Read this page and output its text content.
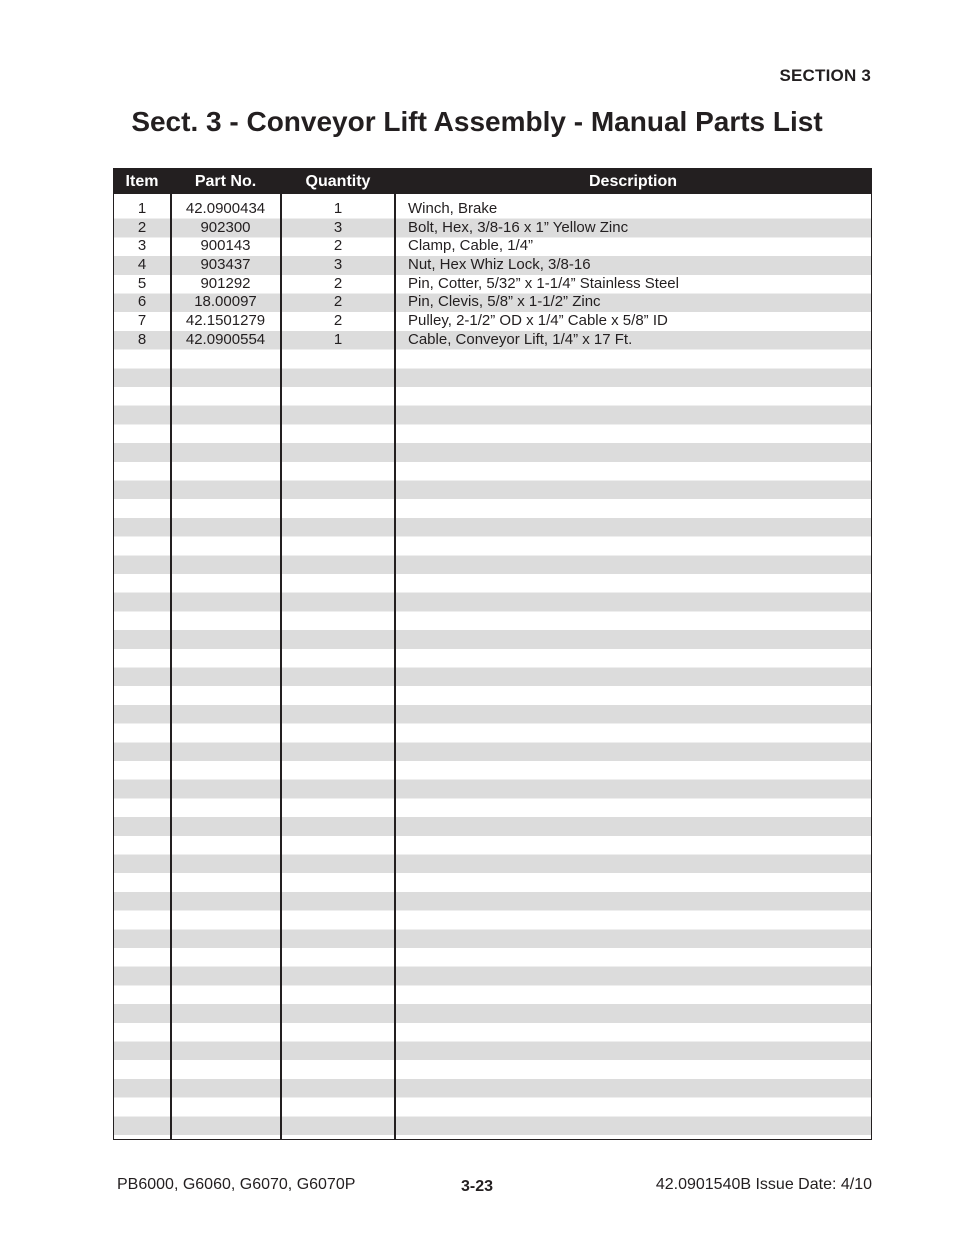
SECTION 3
Sect. 3 - Conveyor Lift Assembly - Manual Parts List
Item	Part No.	Quantity	Description
1	42.0900434	1	Winch, Brake
2	902300	3	Bolt, Hex, 3/8-16 x 1” Yellow Zinc
3	900143	2	Clamp, Cable, 1/4”
4	903437	3	Nut, Hex Whiz Lock, 3/8-16
5	901292	2	Pin, Cotter, 5/32” x 1-1/4” Stainless Steel
6	18.00097	2	Pin, Clevis, 5/8” x 1-1/2” Zinc
7	42.1501279	2	Pulley, 2-1/2” OD x 1/4” Cable x 5/8” ID
8	42.0900554	1	Cable, Conveyor Lift, 1/4” x 17 Ft.
PB6000, G6060, G6070, G6070P	3-23	42.0901540B Issue Date: 4/10
